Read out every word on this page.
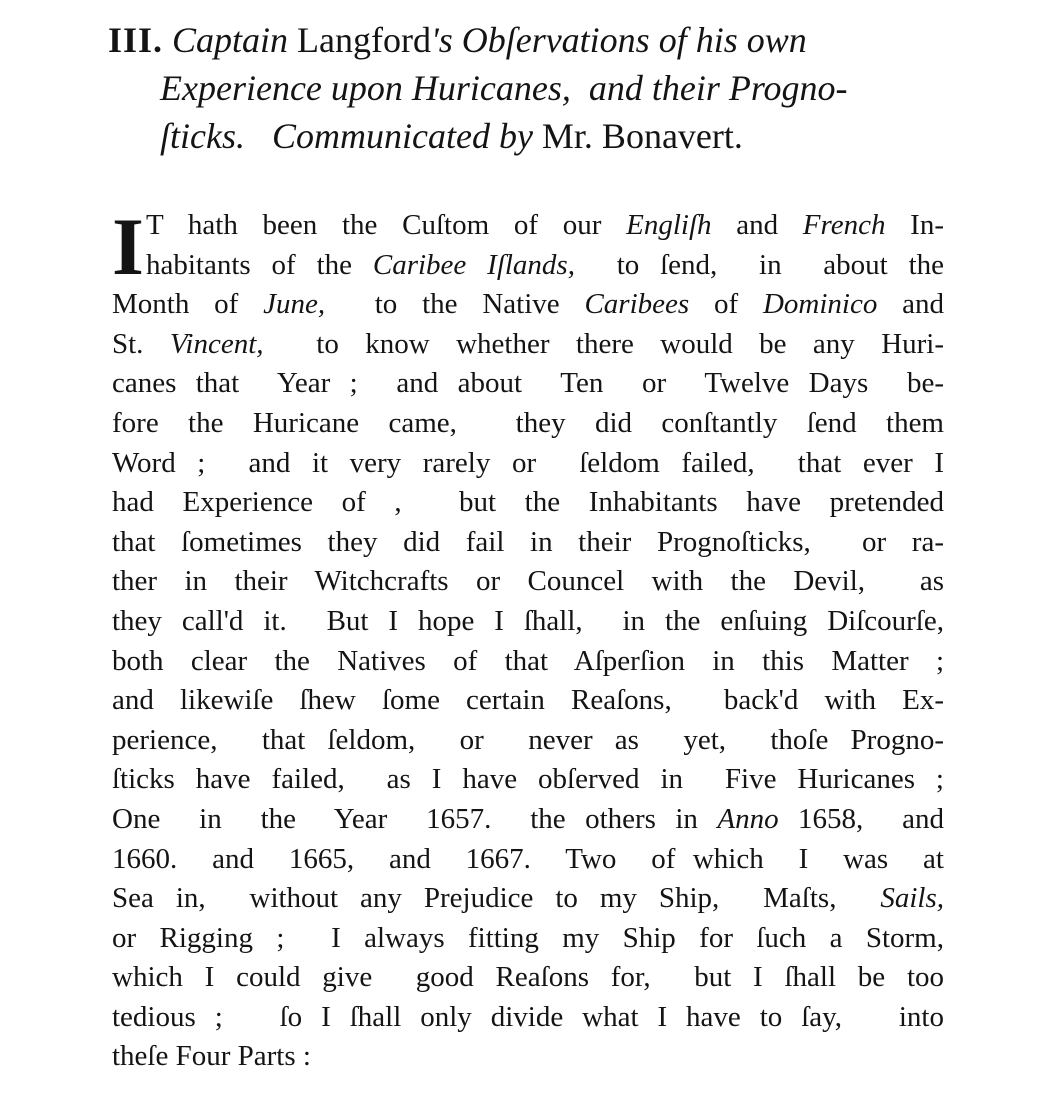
III. Captain Langford's Obſervations of his own
Experience upon Huricanes,  and their Progno-
ſticks.   Communicated by Mr. Bonavert.
I T hath been the Cuſtom of our Engliſh and French In-
habitants of the Caribee Iſlands,  to ſend,  in  about the
Month of June,  to the Native Caribees of Dominico and
St. Vincent,  to know whether there would be any Huri-
canes that  Year ;  and about  Ten  or  Twelve Days  be-
fore the Huricane came,  they did conſtantly ſend them
Word ;  and it very rarely or  ſeldom failed,  that ever I
had Experience of ,  but the Inhabitants have pretended
that ſometimes they did fail in their Prognoſticks,  or ra-
ther in their Witchcrafts or Councel with the Devil,  as
they call'd it.  But I hope I ſhall,  in the enſuing Diſcourſe,
both clear the Natives of that Aſperſion in this Matter ;
and likewiſe ſhew ſome certain Reaſons,  back'd with Ex-
perience,  that ſeldom,  or  never as  yet,  thoſe Progno-
ſticks have failed,  as I have obſerved in  Five Huricanes ;
One  in  the  Year  1657.  the others in Anno 1658,  and
1660.  and  1665,  and  1667.  Two  of which  I  was  at
Sea in,  without any Prejudice to my Ship,  Maſts,  Sails,
or Rigging ;  I always fitting my Ship for ſuch a Storm,
which I could give  good Reaſons for,  but I ſhall be too
tedious ;   ſo I ſhall only divide what I have to ſay,   into
theſe Four Parts :
